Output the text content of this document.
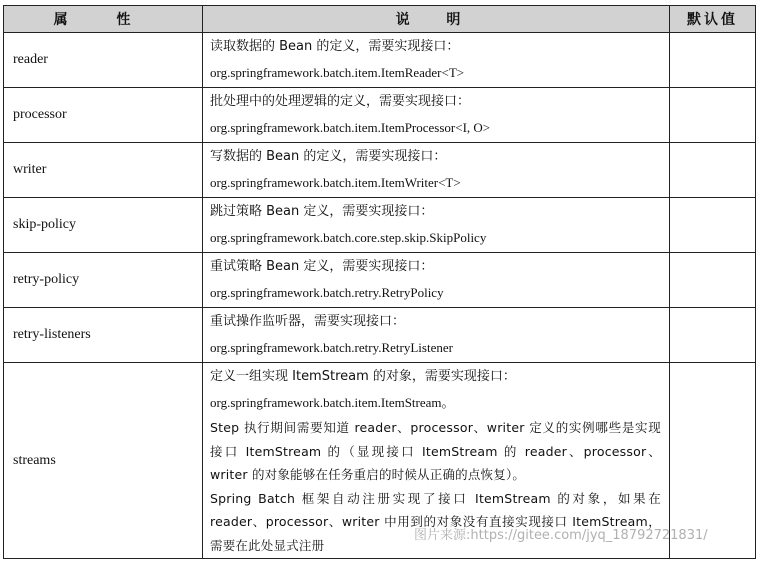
属 性	说 明	默认值
reader	读取数据的 Bean 的定义，需要实现接口：
org.springframework.batch.item.ItemReader<T>	

processor	批处理中的处理逻辑的定义，需要实现接口：
org.springframework.batch.item.ItemProcessor<I, O>	

writer	写数据的 Bean 的定义，需要实现接口：
org.springframework.batch.item.ItemWriter<T>	

skip-policy	跳过策略 Bean 定义，需要实现接口：
org.springframework.batch.core.step.skip.SkipPolicy	

retry-policy	重试策略 Bean 定义，需要实现接口：
org.springframework.batch.retry.RetryPolicy	

retry-listeners	重试操作监听器，需要实现接口：
org.springframework.batch.retry.RetryListener	

streams	定义一组实现 ItemStream 的对象，需要实现接口：
org.springframework.batch.item.ItemStream。
Step 执行期间需要知道 reader、processor、writer 定义的实例哪些是实现接口 ItemStream 的（显现接口 ItemStream 的 reader、processor、writer 的对象能够在任务重启的时候从正确的点恢复）。
Spring Batch 框架自动注册实现了接口 ItemStream 的对象，如果在 reader、processor、writer 中用到的对象没有直接实现接口 ItemStream，需要在此处显式注册	

图片来源:https://gitee.com/jyq_18792721831/
